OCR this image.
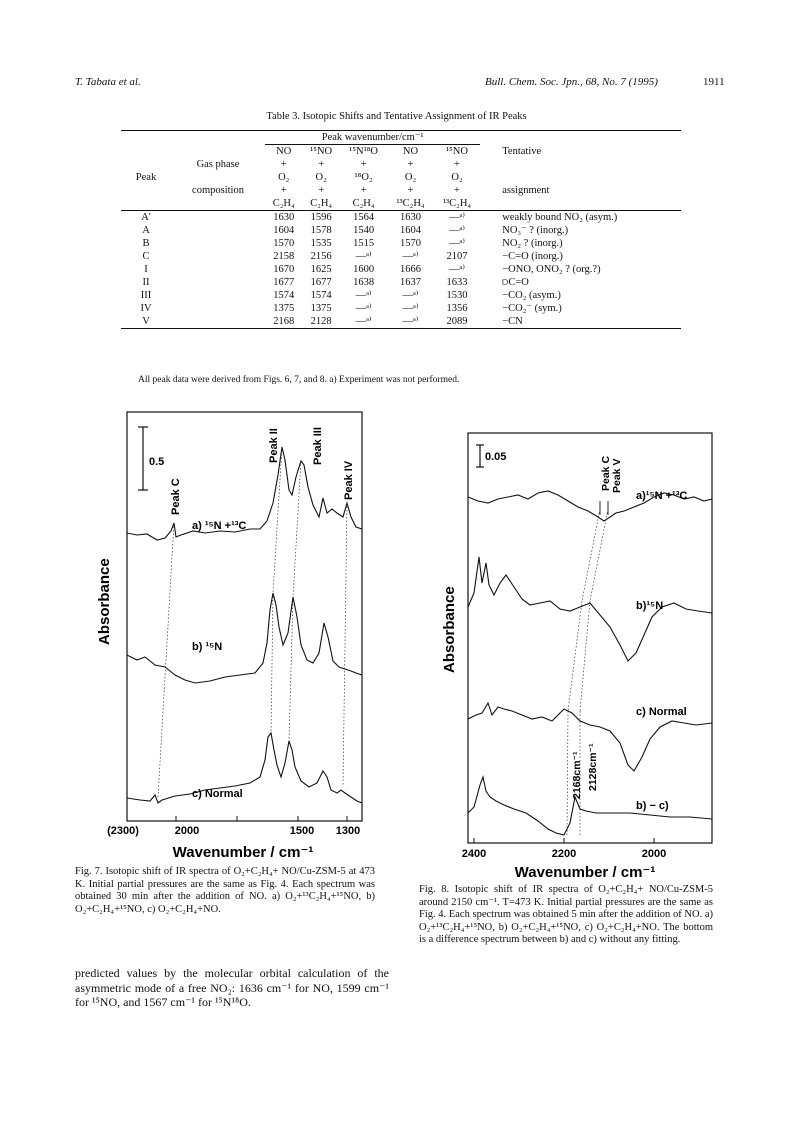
T. Tabata et al.	Bull. Chem. Soc. Jpn., 68, No. 7 (1995)	1911
Table 3. Isotopic Shifts and Tentative Assignment of IR Peaks
		Peak wavenumber/cm⁻¹					
		NO	¹⁵NO	¹⁵N¹⁸O	NO	¹⁵NO	Tentative
	Gas phase	+	+	+	+	+	
Peak		O₂	O₂	¹⁸O₂	O₂	O₂	
	composition	+	+	+	+	+	assignment
		C₂H₄	C₂H₄	C₂H₄	¹³C₂H₄	¹³C₂H₄	
A'		1630	1596	1564	1630	—ᵃ⁾	weakly bound NO₂ (asym.)
A		1604	1578	1540	1604	—ᵃ⁾	NO₃⁻ ? (inorg.)
B		1570	1535	1515	1570	—ᵃ⁾	NO₂ ? (inorg.)
C		2158	2156	—ᵃ⁾	—ᵃ⁾	2107	−C=O (inorg.)
I		1670	1625	1600	1666	—ᵃ⁾	−ONO, ONO₂ ? (org.?)
II		1677	1677	1638	1637	1633	⫐C=O
III		1574	1574	—ᵃ⁾	—ᵃ⁾	1530	−CO₂ (asym.)
IV		1375	1375	—ᵃ⁾	—ᵃ⁾	1356	−CO₂⁻ (sym.)
V		2168	2128	—ᵃ⁾	—ᵃ⁾	2089	−CN
All peak data were derived from Figs. 6, 7, and 8. a) Experiment was not performed.
0.5
Peak C
Peak II	Peak III
Peak IV
a) ¹⁵N +¹³C
b) ¹⁵N
c) Normal
Absorbance
(2300)	2000	1500 1300
Wavenumber / cm⁻¹
Fig. 7. Isotopic shift of IR spectra of O₂+C₂H₄+ NO/Cu-ZSM-5 at 473 K. Initial partial pressures are the same as Fig. 4. Each spectrum was obtained 30 min after the addition of NO. a) O₂+¹³C₂H₄+¹⁵NO, b) O₂+C₂H₄+¹⁵NO, c) O₂+C₂H₄+NO.
predicted values by the molecular orbital calculation of the asymmetric mode of a free NO₂: 1636 cm⁻¹ for NO, 1599 cm⁻¹ for ¹⁵NO, and 1567 cm⁻¹ for ¹⁵N¹⁸O.
0.05	Peak C Peak V
a)¹⁵N +¹³C
b)¹⁵N
c) Normal
b) − c)
2168cm⁻¹ 2128cm⁻¹
Absorbance
2400	2200	2000
Wavenumber / cm⁻¹
Fig. 8. Isotopic shift of IR spectra of O₂+C₂H₄+ NO/Cu-ZSM-5 around 2150 cm⁻¹. T=473 K. Initial partial pressures are the same as Fig. 4. Each spectrum was obtained 5 min after the addition of NO. a) O₂+¹³C₂H₄+¹⁵NO, b) O₂+C₂H₄+¹⁵NO, c) O₂+C₂H₄+NO. The bottom is a difference spectrum between b) and c) without any fitting.
